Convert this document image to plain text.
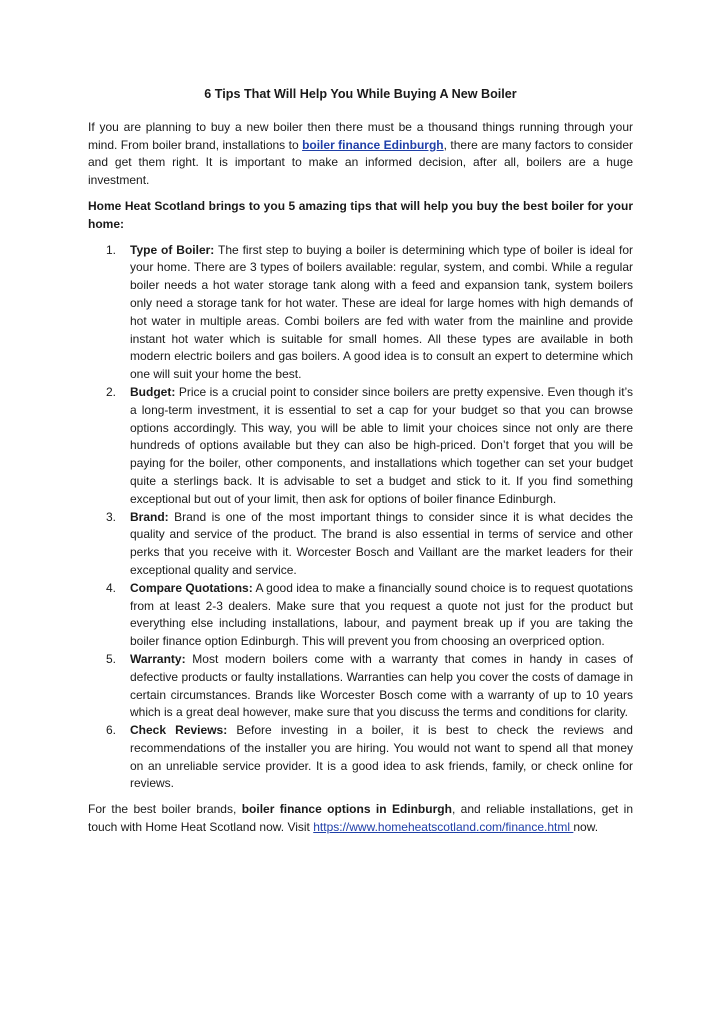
6 Tips That Will Help You While Buying A New Boiler

If you are planning to buy a new boiler then there must be a thousand things running through your mind. From boiler brand, installations to boiler finance Edinburgh, there are many factors to consider and get them right. It is important to make an informed decision, after all, boilers are a huge investment.

Home Heat Scotland brings to you 5 amazing tips that will help you buy the best boiler for your home:

1.	Type of Boiler: The first step to buying a boiler is determining which type of boiler is ideal for your home. There are 3 types of boilers available: regular, system, and combi. While a regular boiler needs a hot water storage tank along with a feed and expansion tank, system boilers only need a storage tank for hot water. These are ideal for large homes with high demands of hot water in multiple areas. Combi boilers are fed with water from the mainline and provide instant hot water which is suitable for small homes. All these types are available in both modern electric boilers and gas boilers. A good idea is to consult an expert to determine which one will suit your home the best.
2.	Budget: Price is a crucial point to consider since boilers are pretty expensive. Even though it’s a long-term investment, it is essential to set a cap for your budget so that you can browse options accordingly. This way, you will be able to limit your choices since not only are there hundreds of options available but they can also be high-priced. Don’t forget that you will be paying for the boiler, other components, and installations which together can set your budget quite a sterlings back. It is advisable to set a budget and stick to it. If you find something exceptional but out of your limit, then ask for options of boiler finance Edinburgh.
3.	Brand: Brand is one of the most important things to consider since it is what decides the quality and service of the product. The brand is also essential in terms of service and other perks that you receive with it. Worcester Bosch and Vaillant are the market leaders for their exceptional quality and service.
4.	Compare Quotations: A good idea to make a financially sound choice is to request quotations from at least 2-3 dealers. Make sure that you request a quote not just for the product but everything else including installations, labour, and payment break up if you are taking the boiler finance option Edinburgh. This will prevent you from choosing an overpriced option.
5.	Warranty: Most modern boilers come with a warranty that comes in handy in cases of defective products or faulty installations. Warranties can help you cover the costs of damage in certain circumstances. Brands like Worcester Bosch come with a warranty of up to 10 years which is a great deal however, make sure that you discuss the terms and conditions for clarity.
6.	Check Reviews: Before investing in a boiler, it is best to check the reviews and recommendations of the installer you are hiring. You would not want to spend all that money on an unreliable service provider. It is a good idea to ask friends, family, or check online for reviews.

For the best boiler brands, boiler finance options in Edinburgh, and reliable installations, get in touch with Home Heat Scotland now. Visit https://www.homeheatscotland.com/finance.html now.
